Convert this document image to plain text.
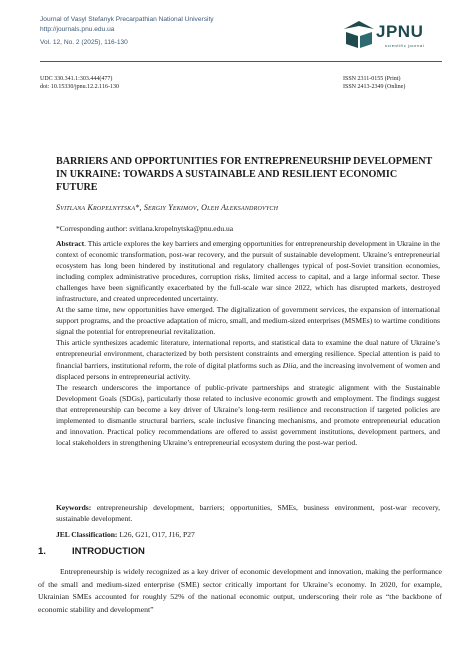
Journal of Vasyl Stefanyk Precarpathian National University
http://journals.pnu.edu.ua
Vol. 12, No. 2 (2025), 116-130
JPNU
scientific journal
UDC 330.341.1:303.444(477)
doi: 10.15330/jpnu.12.2.116-130
ISSN 2311-0155 (Print)
ISSN 2413-2349 (Online)
BARRIERS AND OPPORTUNITIES FOR ENTREPRENEURSHIP DEVELOPMENT IN UKRAINE: TOWARDS A SUSTAINABLE AND RESILIENT ECONOMIC FUTURE
Svitlana Kropelnytska*, Sergiy Yekimov, Oleh Aleksandrovych
*Corresponding author: svitlana.kropelnytska@pnu.edu.ua

Abstract. This article explores the key barriers and emerging opportunities for entrepreneurship development in Ukraine in the context of economic transformation, post-war recovery, and the pursuit of sustainable development. Ukraine’s entrepreneurial ecosystem has long been hindered by institutional and regulatory challenges typical of post-Soviet transition economies, including complex administrative procedures, corruption risks, limited access to capital, and a large informal sector. These challenges have been significantly exacerbated by the full-scale war since 2022, which has disrupted markets, destroyed infrastructure, and created unprecedented uncertainty.

At the same time, new opportunities have emerged. The digitalization of government services, the expansion of international support programs, and the proactive adaptation of micro, small, and medium-sized enterprises (MSMEs) to wartime conditions signal the potential for entrepreneurial revitalization.

This article synthesizes academic literature, international reports, and statistical data to examine the dual nature of Ukraine’s entrepreneurial environment, characterized by both persistent constraints and emerging resilience. Special attention is paid to financial barriers, institutional reform, the role of digital platforms such as Diia, and the increasing involvement of women and displaced persons in entrepreneurial activity.

The research underscores the importance of public-private partnerships and strategic alignment with the Sustainable Development Goals (SDGs), particularly those related to inclusive economic growth and employment. The findings suggest that entrepreneurship can become a key driver of Ukraine’s long-term resilience and reconstruction if targeted policies are implemented to dismantle structural barriers, scale inclusive financing mechanisms, and promote entrepreneurial education and innovation. Practical policy recommendations are offered to assist government institutions, development partners, and local stakeholders in strengthening Ukraine’s entrepreneurial ecosystem during the post-war period.

Keywords: entrepreneurship development, barriers; opportunities, SMEs, business environment, post-war recovery, sustainable development.
JEL Classification: L26, G21, O17, J16, P27
1.	INTRODUCTION

Entrepreneurship is widely recognized as a key driver of economic development and innovation, making the performance of the small and medium-sized enterprise (SME) sector critically important for Ukraine’s economy. In 2020, for example, Ukrainian SMEs accounted for roughly 52% of the national economic output, underscoring their role as “the backbone of economic stability and development”
